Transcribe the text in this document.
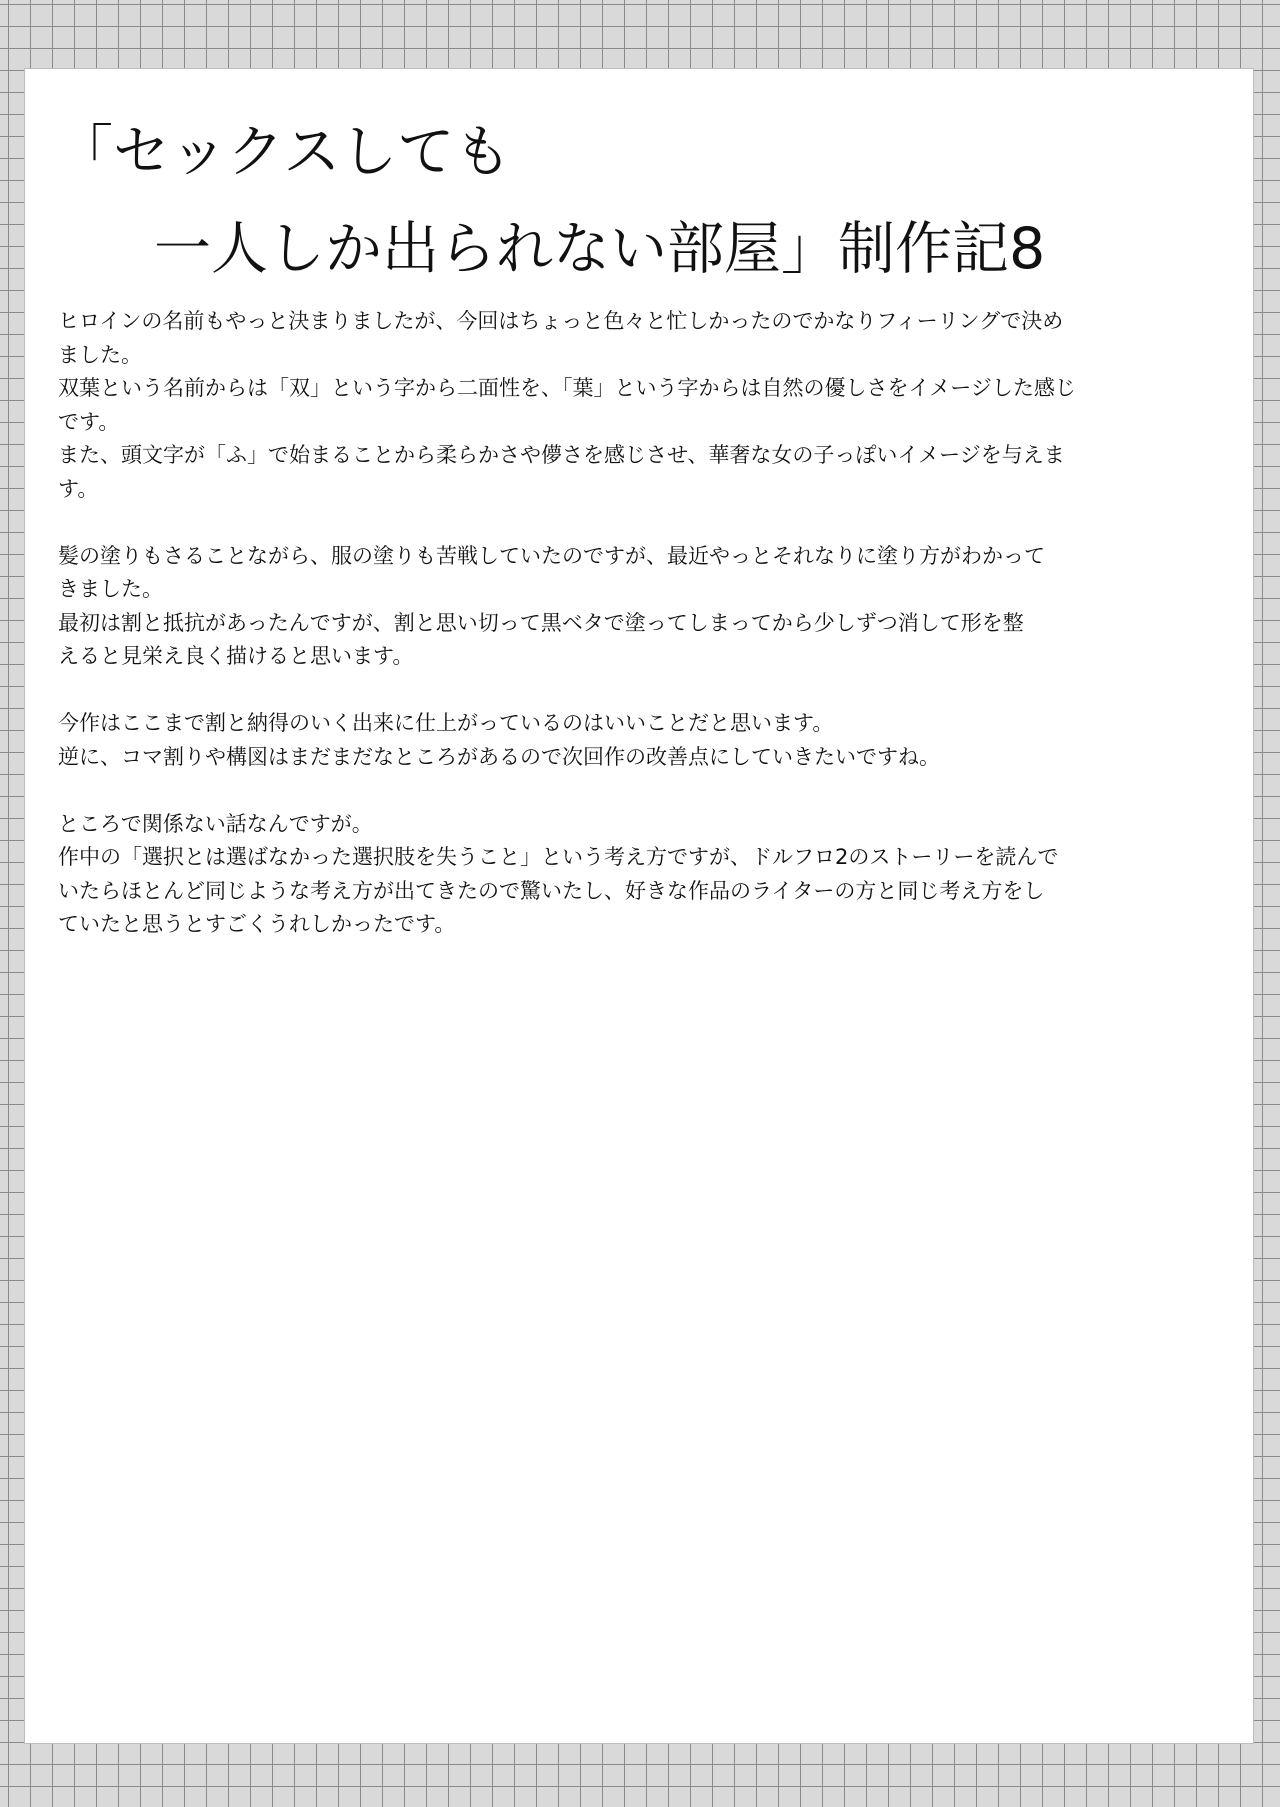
「セックスしても
一人しか出られない部屋」制作記8

ヒロインの名前もやっと決まりましたが、今回はちょっと色々と忙しかったのでかなりフィーリングで決め
ました。
双葉という名前からは「双」という字から二面性を、「葉」という字からは自然の優しさをイメージした感じ
です。
また、頭文字が「ふ」で始まることから柔らかさや儚さを感じさせ、華奢な女の子っぽいイメージを与えま
す。

髪の塗りもさることながら、服の塗りも苦戦していたのですが、最近やっとそれなりに塗り方がわかって
きました。
最初は割と抵抗があったんですが、割と思い切って黒ベタで塗ってしまってから少しずつ消して形を整
えると見栄え良く描けると思います。

今作はここまで割と納得のいく出来に仕上がっているのはいいことだと思います。
逆に、コマ割りや構図はまだまだなところがあるので次回作の改善点にしていきたいですね。

ところで関係ない話なんですが。
作中の「選択とは選ばなかった選択肢を失うこと」という考え方ですが、ドルフロ2のストーリーを読んで
いたらほとんど同じような考え方が出てきたので驚いたし、好きな作品のライターの方と同じ考え方をし
ていたと思うとすごくうれしかったです。
